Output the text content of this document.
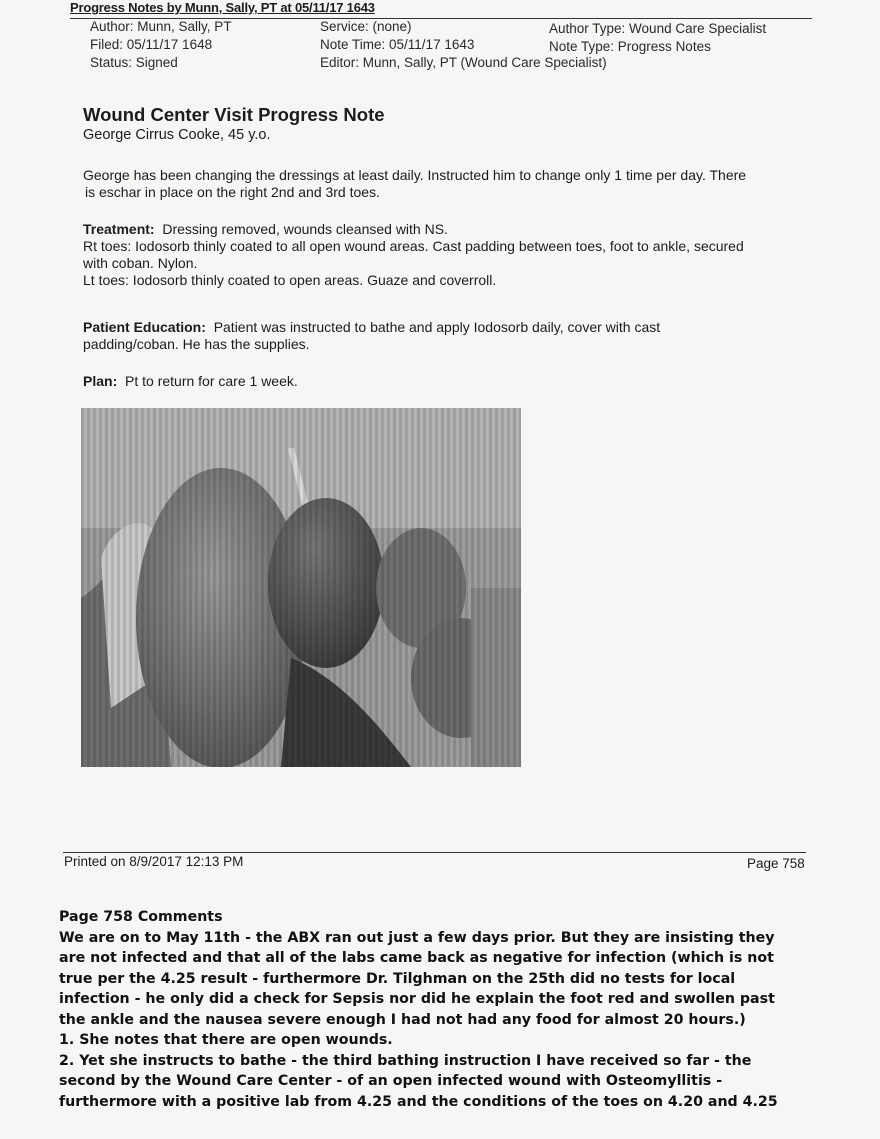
Progress Notes by Munn, Sally, PT at 05/11/17 1643
Author: Munn, Sally, PT
Filed: 05/11/17 1648
Status: Signed
Service: (none)
Note Time: 05/11/17 1643
Editor: Munn, Sally, PT (Wound Care Specialist)
Author Type: Wound Care Specialist
Note Type: Progress Notes
Wound Center Visit Progress Note
George Cirrus Cooke, 45 y.o.
George has been changing the dressings at least daily. Instructed him to change only 1 time per day. There
is eschar in place on the right 2nd and 3rd toes.
Treatment: Dressing removed, wounds cleansed with NS.
Rt toes: Iodosorb thinly coated to all open wound areas. Cast padding between toes, foot to ankle, secured
with coban. Nylon.
Lt toes: Iodosorb thinly coated to open areas. Guaze and coverroll.
Patient Education: Patient was instructed to bathe and apply Iodosorb daily, cover with cast
padding/coban. He has the supplies.
Plan: Pt to return for care 1 week.
Printed on 8/9/2017 12:13 PM	Page 758
Page 758 Comments
We are on to May 11th - the ABX ran out just a few days prior. But they are insisting they
are not infected and that all of the labs came back as negative for infection (which is not
true per the 4.25 result - furthermore Dr. Tilghman on the 25th did no tests for local
infection - he only did a check for Sepsis nor did he explain the foot red and swollen past
the ankle and the nausea severe enough I had not had any food for almost 20 hours.)
1. She notes that there are open wounds.
2. Yet she instructs to bathe - the third bathing instruction I have received so far - the
second by the Wound Care Center - of an open infected wound with Osteomyllitis -
furthermore with a positive lab from 4.25 and the conditions of the toes on 4.20 and 4.25
